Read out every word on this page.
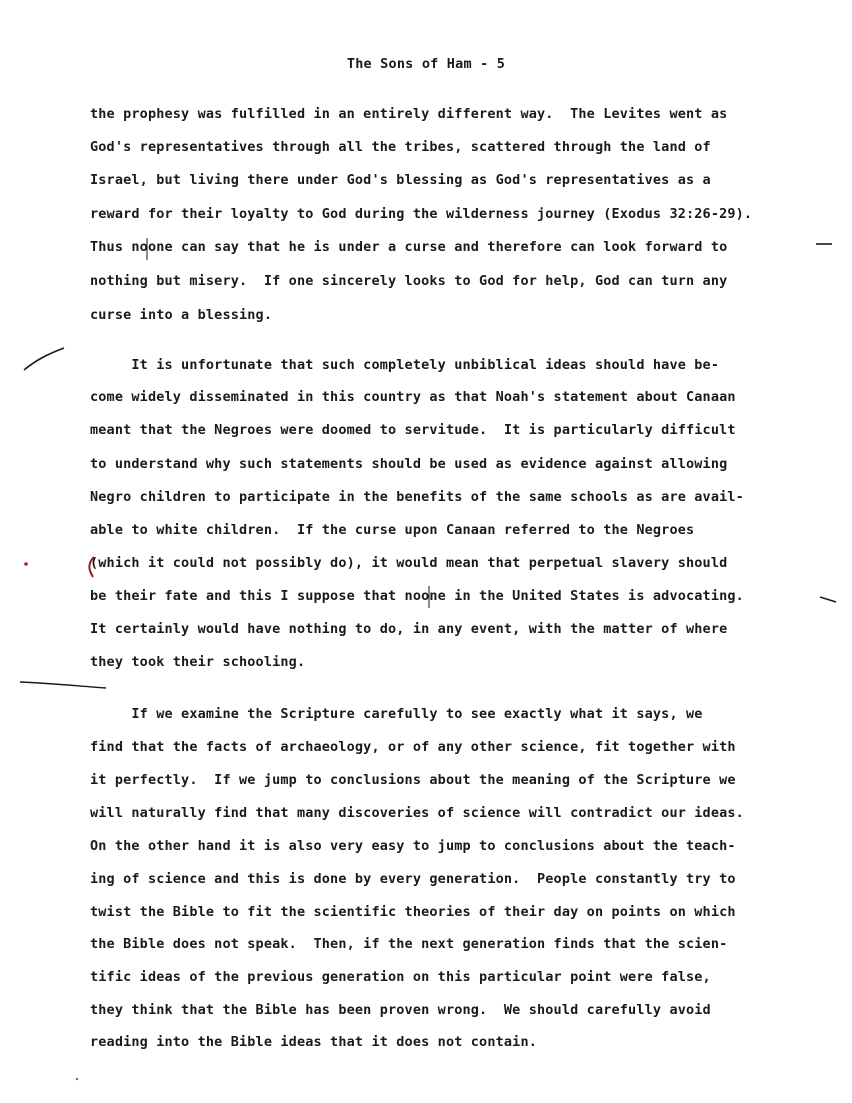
The Sons of Ham - 5
the prophesy was fulfilled in an entirely different way.  The Levites went as
God's representatives through all the tribes, scattered through the land of
Israel, but living there under God's blessing as God's representatives as a
reward for their loyalty to God during the wilderness journey (Exodus 32:26-29).
Thus noone can say that he is under a curse and therefore can look forward to
nothing but misery.  If one sincerely looks to God for help, God can turn any
curse into a blessing.
It is unfortunate that such completely unbiblical ideas should have be-
come widely disseminated in this country as that Noah's statement about Canaan
meant that the Negroes were doomed to servitude.  It is particularly difficult
to understand why such statements should be used as evidence against allowing
Negro children to participate in the benefits of the same schools as are avail-
able to white children.  If the curse upon Canaan referred to the Negroes
(which it could not possibly do), it would mean that perpetual slavery should
be their fate and this I suppose that noone in the United States is advocating.
It certainly would have nothing to do, in any event, with the matter of where
they took their schooling.
If we examine the Scripture carefully to see exactly what it says, we
find that the facts of archaeology, or of any other science, fit together with
it perfectly.  If we jump to conclusions about the meaning of the Scripture we
will naturally find that many discoveries of science will contradict our ideas.
On the other hand it is also very easy to jump to conclusions about the teach-
ing of science and this is done by every generation.  People constantly try to
twist the Bible to fit the scientific theories of their day on points on which
the Bible does not speak.  Then, if the next generation finds that the scien-
tific ideas of the previous generation on this particular point were false,
they think that the Bible has been proven wrong.  We should carefully avoid
reading into the Bible ideas that it does not contain.
